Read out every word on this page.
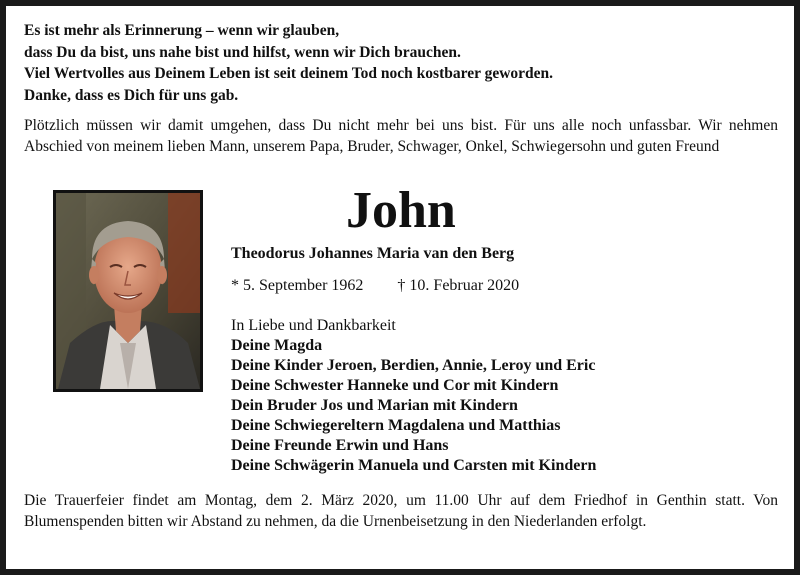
Es ist mehr als Erinnerung – wenn wir glauben,
dass Du da bist, uns nahe bist und hilfst, wenn wir Dich brauchen.
Viel Wertvolles aus Deinem Leben ist seit deinem Tod noch kostbarer geworden.
Danke, dass es Dich für uns gab.
Plötzlich müssen wir damit umgehen, dass Du nicht mehr bei uns bist. Für uns alle noch unfassbar. Wir nehmen Abschied von meinem lieben Mann, unserem Papa, Bruder, Schwager, Onkel, Schwiegersohn und guten Freund
John
Theodorus Johannes Maria van den Berg
* 5. September 1962 † 10. Februar 2020
In Liebe und Dankbarkeit
Deine Magda
Deine Kinder Jeroen, Berdien, Annie, Leroy und Eric
Deine Schwester Hanneke und Cor mit Kindern
Dein Bruder Jos und Marian mit Kindern
Deine Schwiegereltern Magdalena und Matthias
Deine Freunde Erwin und Hans
Deine Schwägerin Manuela und Carsten mit Kindern
Die Trauerfeier findet am Montag, dem 2. März 2020, um 11.00 Uhr auf dem Friedhof in Genthin statt. Von Blumenspenden bitten wir Abstand zu nehmen, da die Urnenbeisetzung in den Niederlanden erfolgt.
